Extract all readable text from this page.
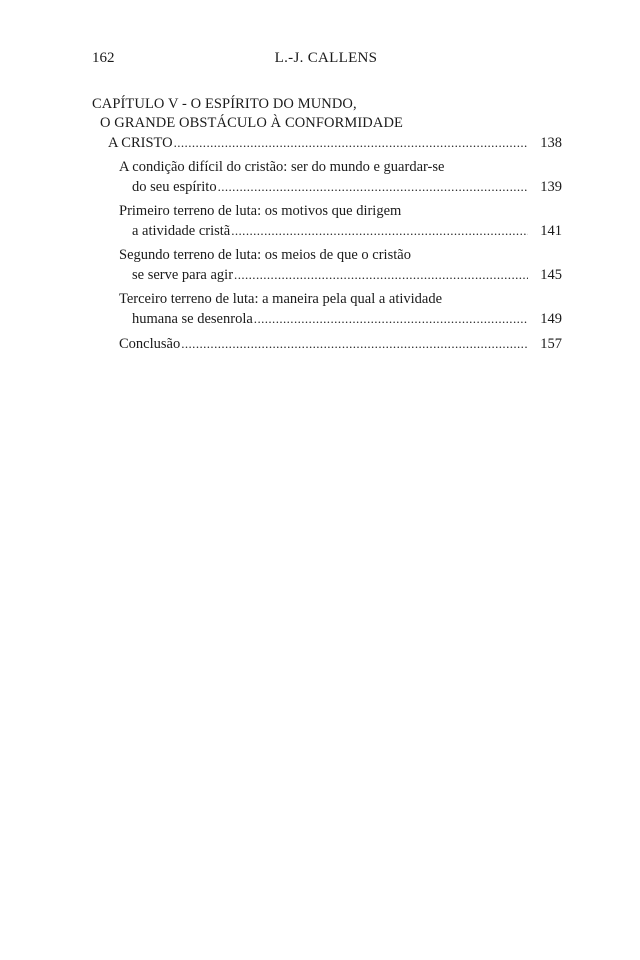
162	L.-J. CALLENS
CAPÍTULO V - O ESPÍRITO DO MUNDO,
O GRANDE OBSTÁCULO À CONFORMIDADE
A CRISTO .....	138
A condição difícil do cristão: ser do mundo e guardar-se
do seu espírito .....	139
Primeiro terreno de luta: os motivos que dirigem
a atividade cristã .....	141
Segundo terreno de luta: os meios de que o cristão
se serve para agir .....	145
Terceiro terreno de luta: a maneira pela qual a atividade
humana se desenrola .....	149
Conclusão .....	157
